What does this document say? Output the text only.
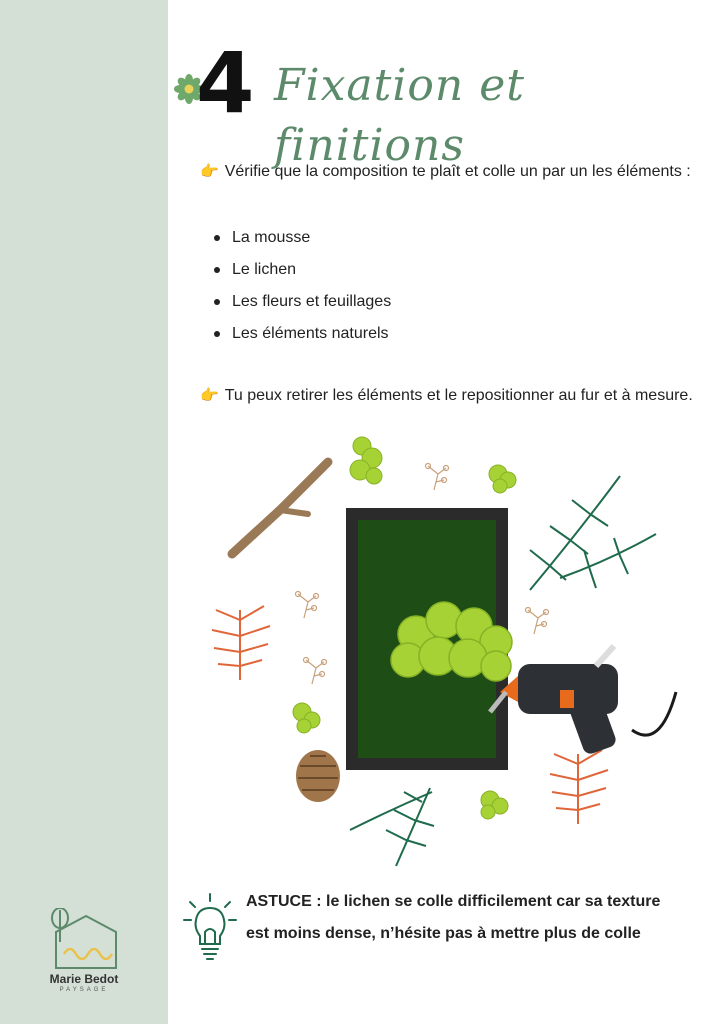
Marie Bedot
PAYSAGE
4 Fixation et finitions
👉 Vérifie que la composition te plaît et colle un par un les éléments :
La mousse
Le lichen
Les fleurs et feuillages
Les éléments naturels
👉 Tu peux retirer les éléments et le repositionner au fur et à mesure.
ASTUCE : le lichen se colle difficilement car sa texture est moins dense, n’hésite pas à mettre plus de colle
